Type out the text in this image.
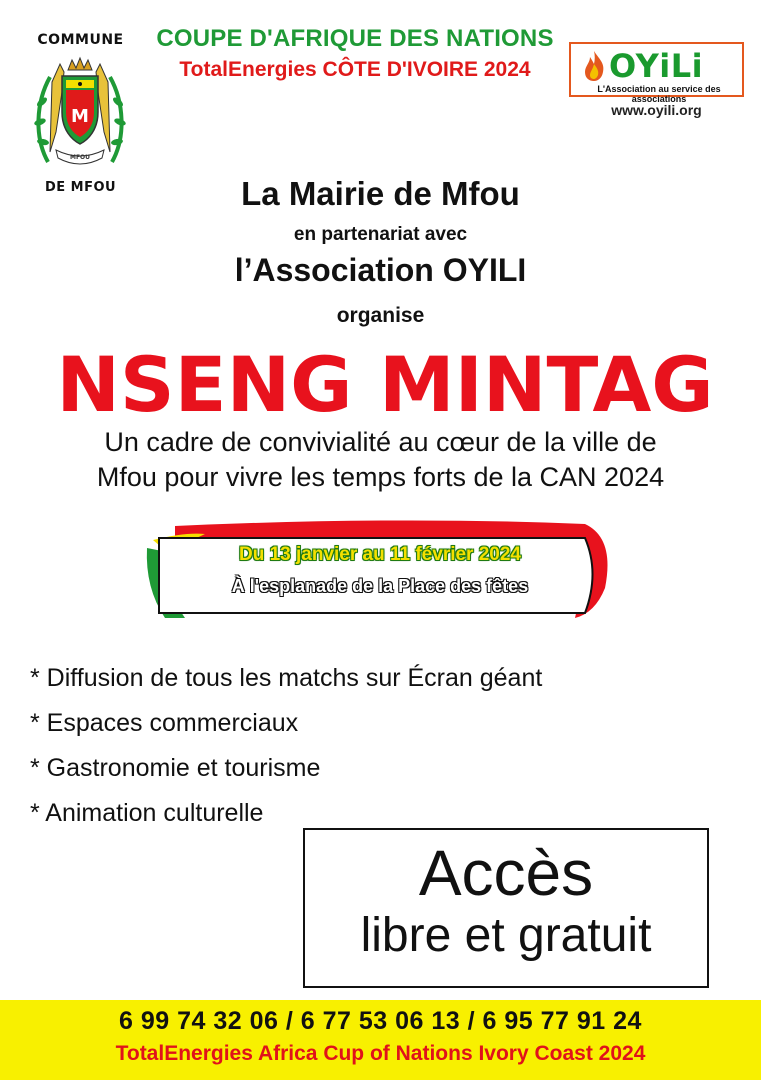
COMMUNE
M
MFOU
DE MFOU
COUPE D'AFRIQUE DES NATIONS
TotalEnergies CÔTE D'IVOIRE 2024	OYiLi
L'Association au service des associations
www.oyili.org
La Mairie de Mfou
en partenariat avec
l’Association OYILI
organise
NSENG MINTAG
Un cadre de convivialité au cœur de la ville de
Mfou pour vivre les temps forts de la CAN 2024
Du 13 janvier au 11 février 2024
À l'esplanade de la Place des fêtes
* Diffusion de tous les matchs sur Écran géant
* Espaces commerciaux
* Gastronomie et tourisme
* Animation culturelle
Accès
libre et gratuit
6 99 74 32 06 / 6 77 53 06 13 / 6 95 77 91 24
TotalEnergies Africa Cup of Nations Ivory Coast 2024
